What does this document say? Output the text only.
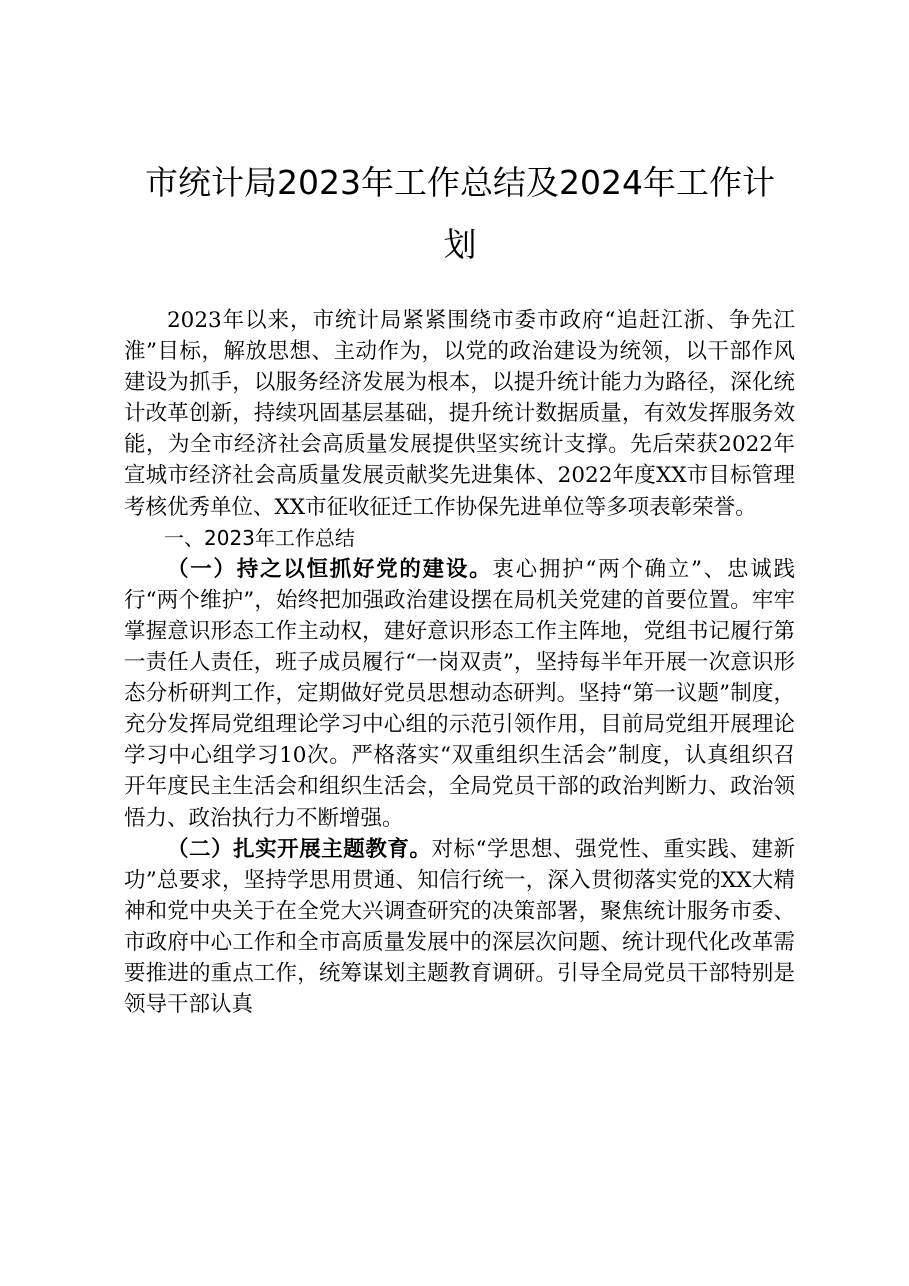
市统计局2023年工作总结及2024年工作计划

2023年以来，市统计局紧紧围绕市委市政府“追赶江浙、争先江淮”目标，解放思想、主动作为，以党的政治建设为统领，以干部作风建设为抓手，以服务经济发展为根本，以提升统计能力为路径，深化统计改革创新，持续巩固基层基础，提升统计数据质量，有效发挥服务效能，为全市经济社会高质量发展提供坚实统计支撑。先后荣获2022年宣城市经济社会高质量发展贡献奖先进集体、2022年度XX市目标管理考核优秀单位、XX市征收征迁工作协保先进单位等多项表彰荣誉。

一、2023年工作总结

（一）持之以恒抓好党的建设。衷心拥护“两个确立”、忠诚践行“两个维护”，始终把加强政治建设摆在局机关党建的首要位置。牢牢掌握意识形态工作主动权，建好意识形态工作主阵地，党组书记履行第一责任人责任，班子成员履行“一岗双责”，坚持每半年开展一次意识形态分析研判工作，定期做好党员思想动态研判。坚持“第一议题”制度，充分发挥局党组理论学习中心组的示范引领作用，目前局党组开展理论学习中心组学习10次。严格落实“双重组织生活会”制度，认真组织召开年度民主生活会和组织生活会，全局党员干部的政治判断力、政治领悟力、政治执行力不断增强。

（二）扎实开展主题教育。对标“学思想、强党性、重实践、建新功”总要求，坚持学思用贯通、知信行统一，深入贯彻落实党的XX大精神和党中央关于在全党大兴调查研究的决策部署，聚焦统计服务市委、市政府中心工作和全市高质量发展中的深层次问题、统计现代化改革需要推进的重点工作，统筹谋划主题教育调研。引导全局党员干部特别是领导干部认真
